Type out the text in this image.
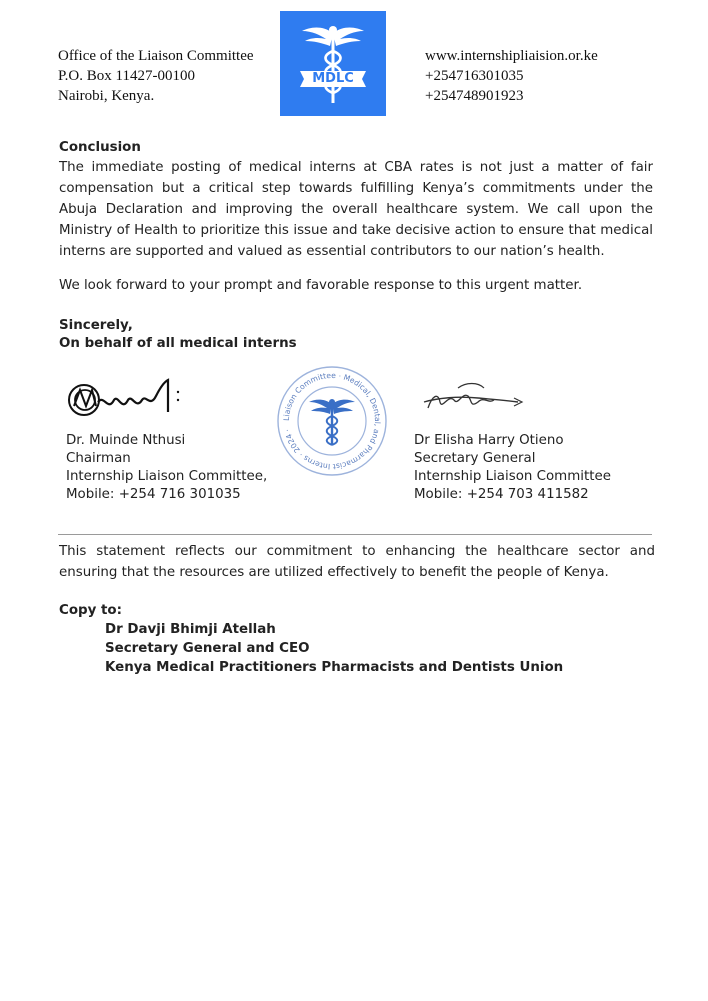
Office of the Liaison Committee
P.O. Box 11427-00100
Nairobi, Kenya.
MDLC
www.internshipliaision.or.ke
+254716301035
+254748901923
Conclusion
The immediate posting of medical interns at CBA rates is not just a matter of fair compensation but a critical step towards fulfilling Kenya’s commitments under the Abuja Declaration and improving the overall healthcare system. We call upon the Ministry of Health to prioritize this issue and take decisive action to ensure that medical interns are supported and valued as essential contributors to our nation’s health.
We look forward to your prompt and favorable response to this urgent matter.
Sincerely,
On behalf of all medical interns
Liaison Committee · Medical, Dental, and Pharmacist Interns · 2024 ·
Dr. Muinde Nthusi
Chairman
Internship Liaison Committee,
Mobile: +254 716 301035
Dr Elisha Harry Otieno
Secretary General
Internship Liaison Committee
Mobile: +254 703 411582
This statement reflects our commitment to enhancing the healthcare sector and ensuring that the resources are utilized effectively to benefit the people of Kenya.
Copy to:
Dr Davji Bhimji Atellah
Secretary General and CEO
Kenya Medical Practitioners Pharmacists and Dentists Union
